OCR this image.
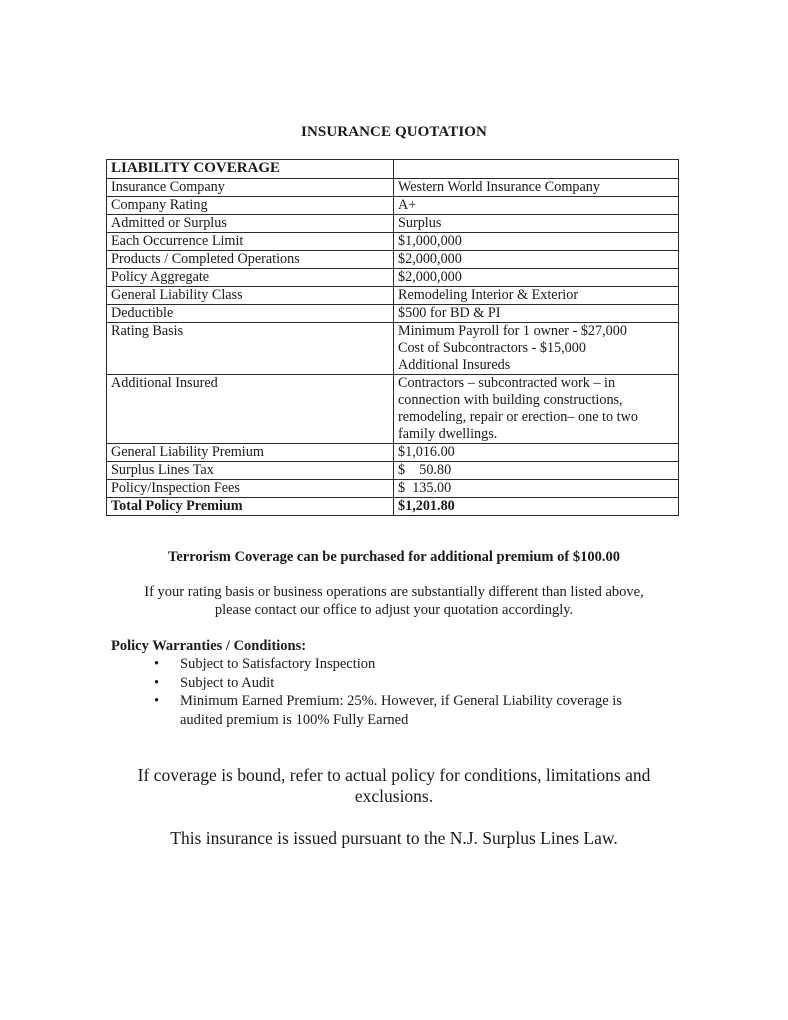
INSURANCE QUOTATION
LIABILITY COVERAGE	
Insurance Company	Western World Insurance Company
Company Rating	A+
Admitted or Surplus	Surplus
Each Occurrence Limit	$1,000,000
Products / Completed Operations	$2,000,000
Policy Aggregate	$2,000,000
General Liability Class	Remodeling Interior & Exterior
Deductible	$500 for BD & PI
Rating Basis	Minimum Payroll for 1 owner - $27,000
Cost of Subcontractors - $15,000
Additional Insureds

Additional Insured	Contractors – subcontracted work – in
connection with building constructions,
remodeling, repair or erection– one to two
family dwellings.

General Liability Premium	$1,016.00
Surplus Lines Tax	$    50.80
Policy/Inspection Fees	$  135.00
Total Policy Premium	$1,201.80
Terrorism Coverage can be purchased for additional premium of $100.00
If your rating basis or business operations are substantially different than listed above,
please contact our office to adjust your quotation accordingly.
Policy Warranties / Conditions:
• Subject to Satisfactory Inspection
• Subject to Audit
• Minimum Earned Premium: 25%. However, if General Liability coverage is
audited premium is 100% Fully Earned
If coverage is bound, refer to actual policy for conditions, limitations and
exclusions.
This insurance is issued pursuant to the N.J. Surplus Lines Law.
